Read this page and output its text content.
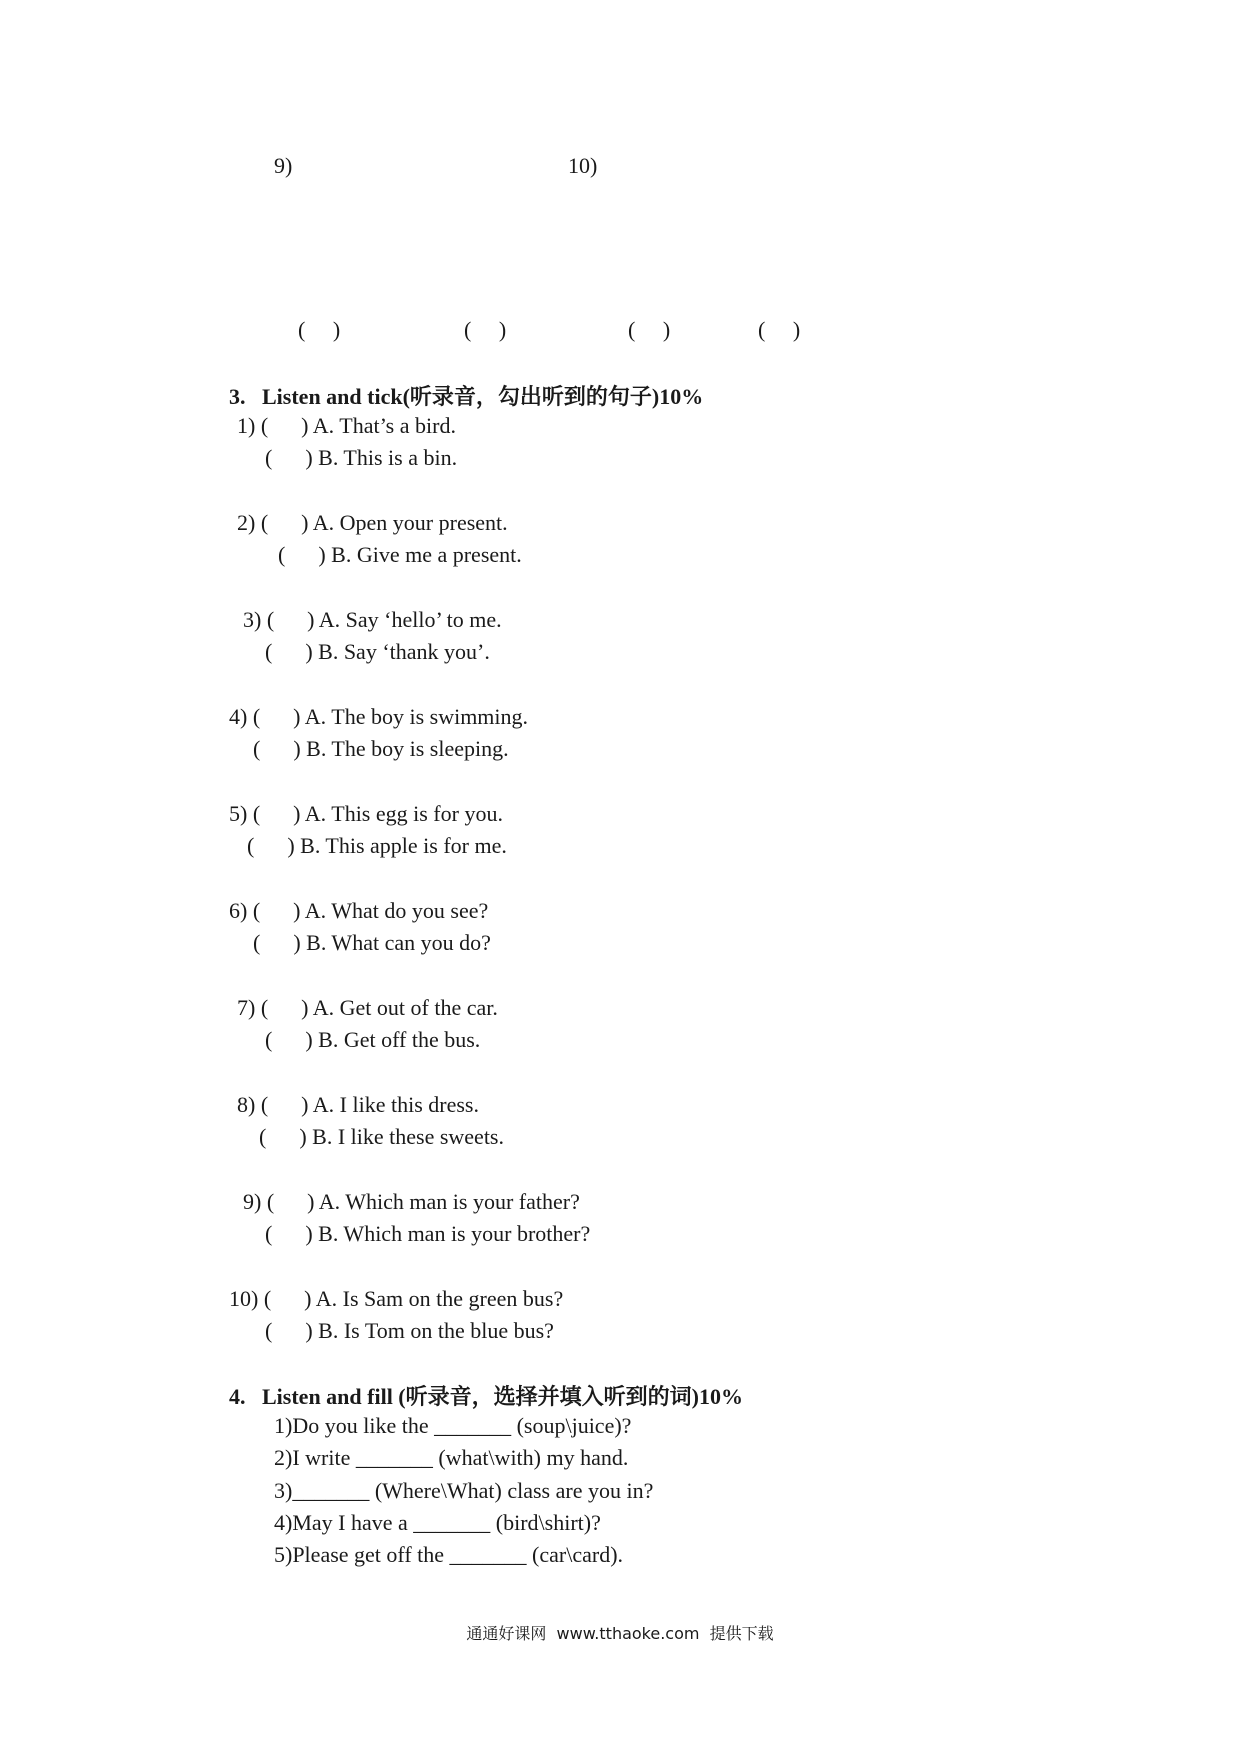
9)	10)
(     )	(     )	(     )	(     )
3.   Listen and tick(听录音，勾出听到的句子)10%
1) (      ) A. That’s a bird.
(      ) B. This is a bin.
2) (      ) A. Open your present.
(      ) B. Give me a present.
3) (      ) A. Say ‘hello’ to me.
(      ) B. Say ‘thank you’.
4) (      ) A. The boy is swimming.
(      ) B. The boy is sleeping.
5) (      ) A. This egg is for you.
(      ) B. This apple is for me.
6) (      ) A. What do you see?
(      ) B. What can you do?
7) (      ) A. Get out of the car.
(      ) B. Get off the bus.
8) (      ) A. I like this dress.
(      ) B. I like these sweets.
9) (      ) A. Which man is your father?
(      ) B. Which man is your brother?
10) (      ) A. Is Sam on the green bus?
(      ) B. Is Tom on the blue bus?
4.   Listen and fill (听录音，选择并填入听到的词)10%
1)Do you like the _______ (soup\juice)?
2)I write _______ (what\with) my hand.
3)_______ (Where\What) class are you in?
4)May I have a _______ (bird\shirt)?
5)Please get off the _______ (car\card).
通通好课网  www.tthaoke.com  提供下载
